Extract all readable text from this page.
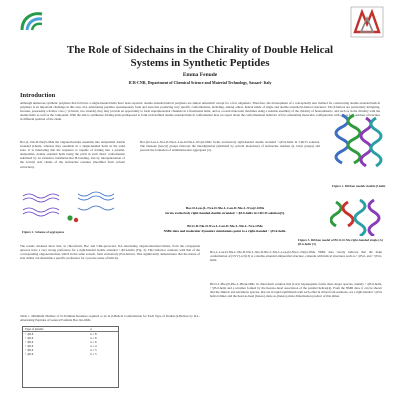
The Role of Sidechains in the Chirality of Double Helical Systems in Synthetic Peptides
Emma Fenude
ICB-CNR, Department of Chemical Science and Material Technology, Sassari- Italy
Introduction
Although numerous synthetic polymers that fold into a single-handed helix have been reported, double-stranded helical polymers are almost unrealistic except for a few oligomers. Therefore, the development of a conceptually new method for constructing double-stranded helical polymers is an important challenge in this area. D,L-Alternating peptides spontaneously form and associate producing very specific conformations, including, among others, helical kinds of single and double-stranded β-helical structures. The β-helices are particularly intriguing, because, possessing a hollow core (~ β-barrel, two strands), they may provide an opportunity to form supramolecular channels in a fluorinated helix, and as a result molecular machines using a suitable assembly of the chirality of heterodimeric, and such as in the chirality with the double helix as well as the compound. With the aim to synthesize folding units predisposed to form well-defined double-stranded helical conformation here we report about the conformational behavior of D,L-alternating molecules configuration with one or few residues of leucines in different position of the chain.
Boc-(L-Nle-D-Nle)5-OMe the oligonucleotides assemble into antiparallel double stranded β-helix, whereas they assemble in a single-handed helix in the solid state. It is interesting that the sequence is capable of folding into a parallel, antiparallel, double stranded helix being the pitch in such direct conformation stabilized by an extensive intramolecular H-bonding, and by interpenetration of the n-butyl side chains of the norleucine residues (modified from solvent extraction).
Figure 2. Scheme of aggregates
Boc-(D-Leu-L-Nva-D-Nle-L-Leu-D-Nle-L-Nva)2-OMe forms exclusively right-handed double stranded ↑↓β5.6-helix in CDCl3 solution. The benzene (leucyl) groups intercept the interdigitation (mediated by solvent molecules) of norleucine residues (n. butyl groups) and prevent the formation of antidimolecular aggregates [2].
Boc-D-Leu-(L-Nva-D-Nle-L-Leu-D-Nle-L-Nva)2-OMe
forms exclusively right-handed double stranded ↑↓β5.6-helix in CDCl3 solution[3].
BCO-D-Nle-D-Nva-L-Leu-D-Nle-L-Nle-L-Nva-OMe
NMR data and molecular dynamics simulations point to a right-handed ↑↓β5.6-helix.
Figure 1. Ribbon models double β-helix
Figure 3. Ribbon model of BCO-D-Nle right-handed single (A) β5.6-helix [3]
The results obtained show that, in chloroform, Boc and CMe-protected, D,L-alternating oligonorleucines/valines, from the octapeptide upward, have a very strong preference for a right-handed double stranded ↑↓β5.6-helix (Fig. 3). This behavior contrasts with that of the corresponding oligonorleucines which in the same solvent, form exclusively β5.6-helices. This significantly demonstrates that the nature of side chains can determine a specific preference for a precise sense of helicity.
Table 1. Minimum Number of N-Terminal Residues required to be in β-Helical Conformation for Each Type of Double β-Helices by D,L-Alternating Peptides of General Formula Boc-Xn-OMe
Type of β-helix	n
↑↓β5.6	n = 8
↑↓β5.6	n = 6
↑↑β5.6	n = 6
↑↓β5.6	n = 4
↑↑β5.6	n = 5
↑↓β5.6	n = 5
Boc-L-Leu-D-Nle-L-Nle-D-Nle-L-Nle-D-Nle-L-Nle-L-Leu-(D-Nle-L-Nle)2-OMe NMR data clearly indicate that the main conformation of [LVV]-4,3(13) is a double-stranded antiparallel structure, coherent with helical structures such as ↑↓β5.6- and ↑↑β5.6-helix.
BCO-L-Phe-(D-Phe-L-Phe)4-OMe in chloroform solution this β-aryl heptapeptide forms three major species, namely ↑↓β5.6-helix, ↑↑β5.6-helix and a tetramer formed by the head-to-head association of the parallel helices[4]. From the NMR data, it can be shown that the dimeric and tetrameric species, that are in rapid equilibrium with each other in chloroform solutions, are a right-handed ↑↓β5.6 helical dimer and the head-to-head (hetero)-mole-to-(hetero)-mole dimerization product of this dimer.
